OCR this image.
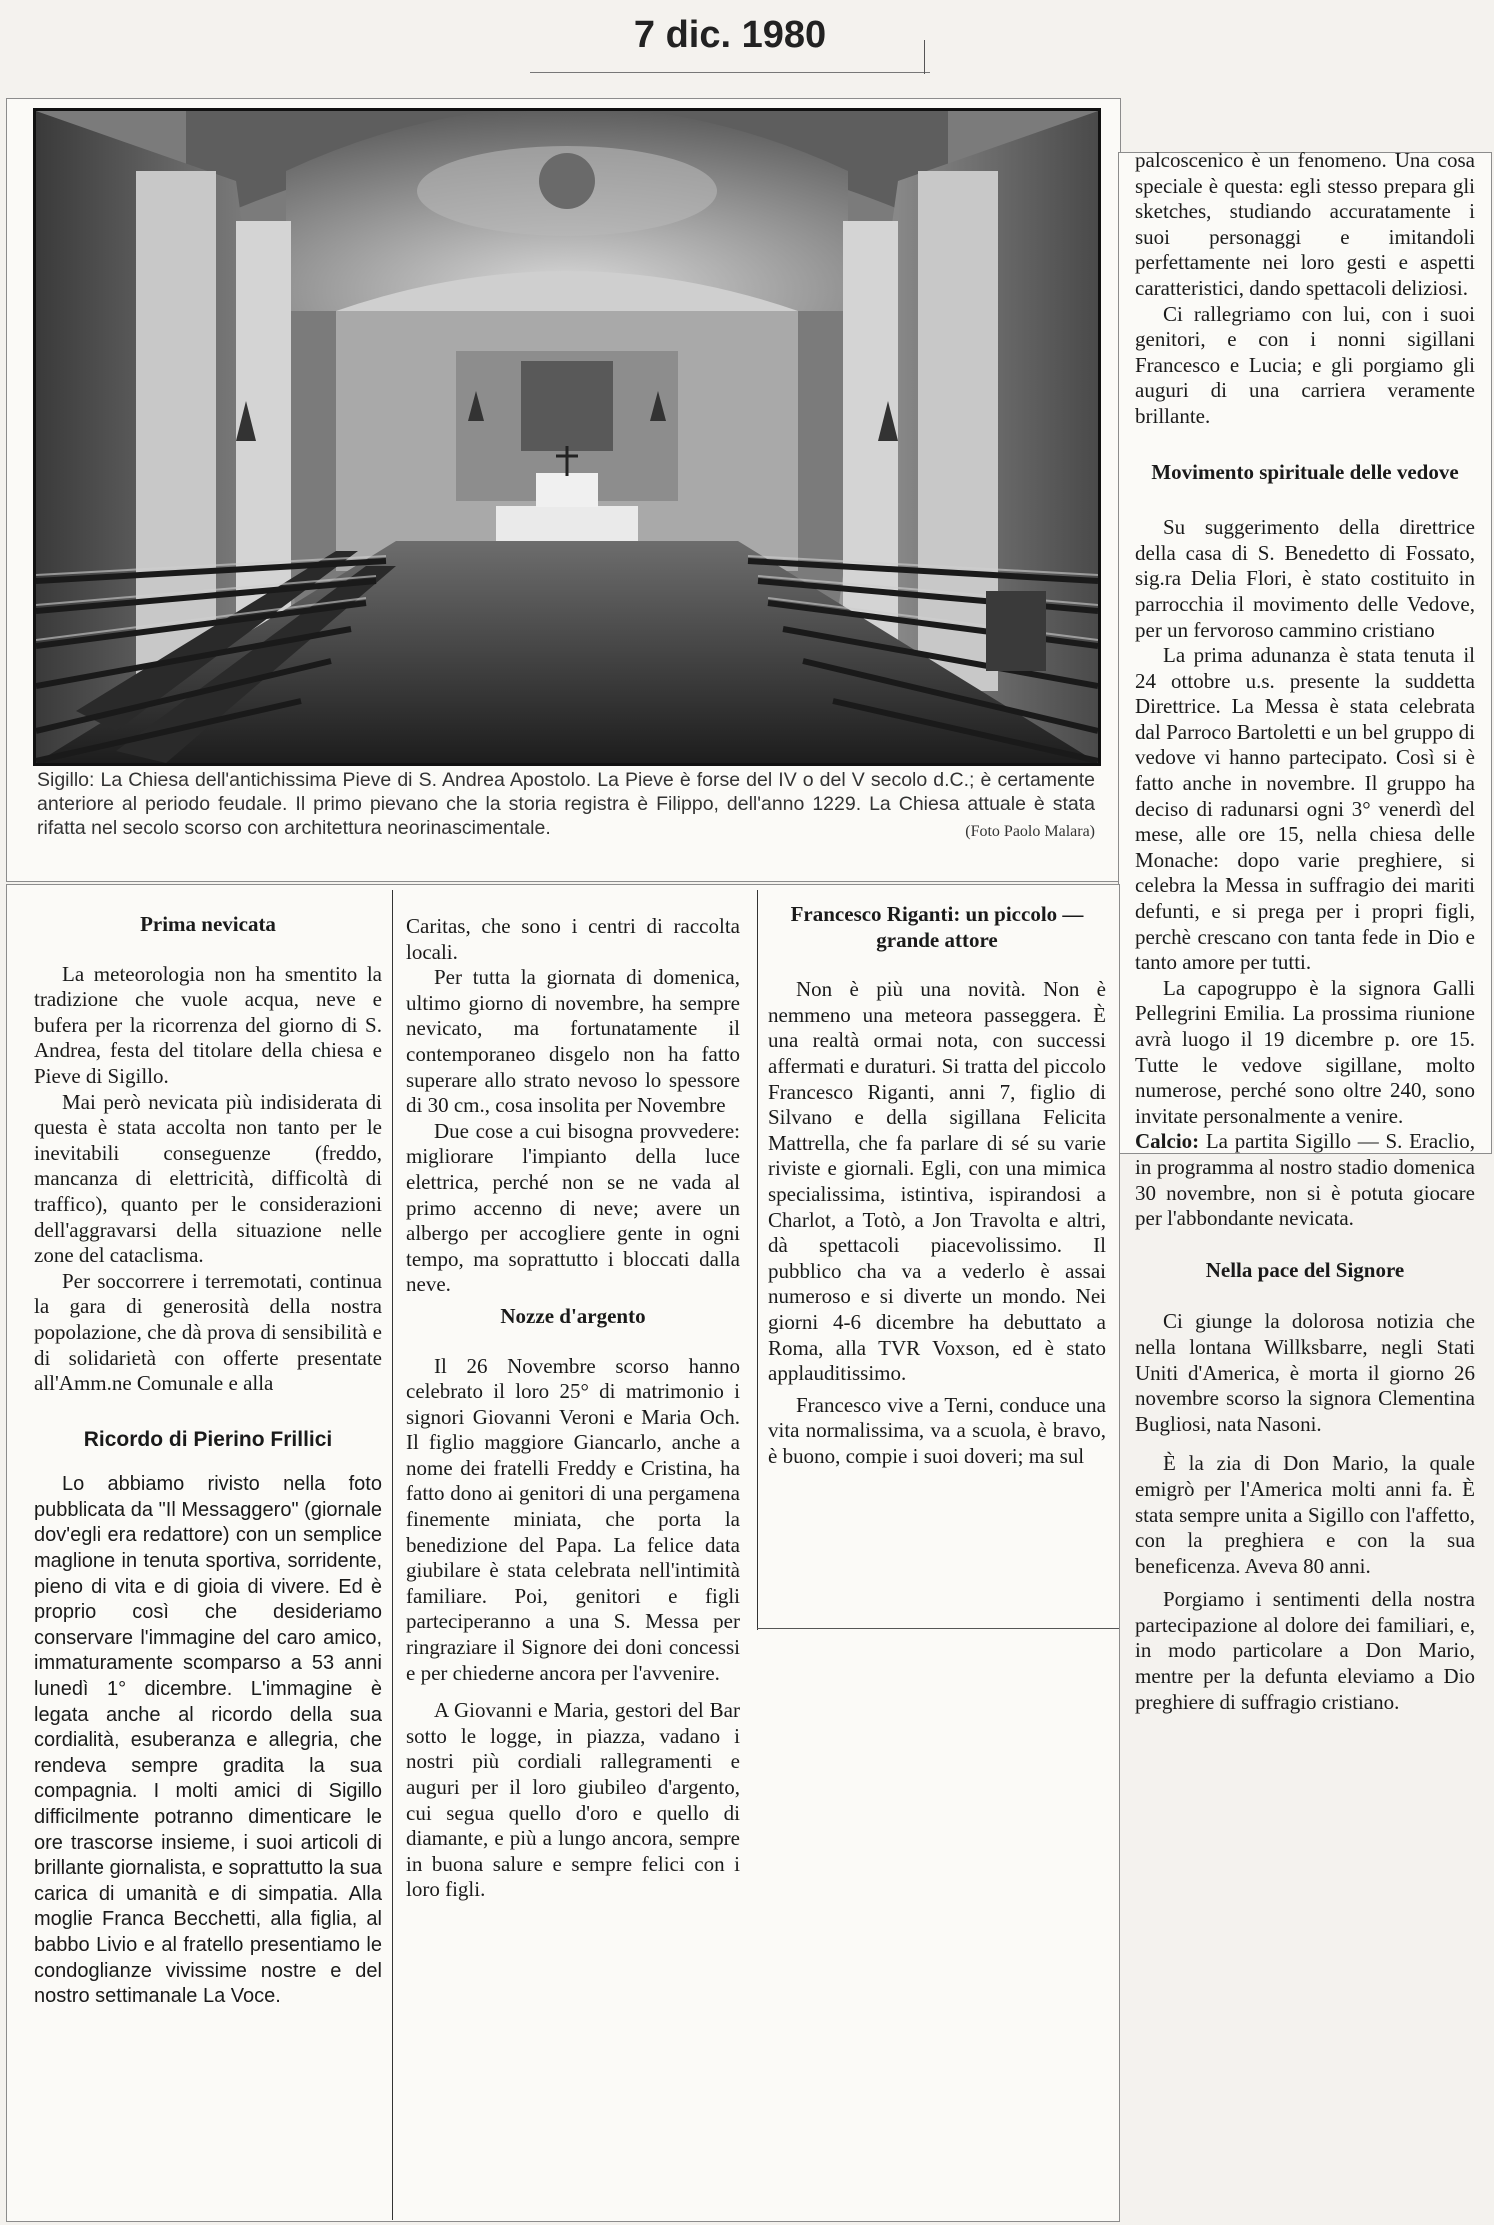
7 dic. 1980
Sigillo: La Chiesa dell'antichissima Pieve di S. Andrea Apostolo. La Pieve è forse del IV o del V secolo d.C.; è certamente anteriore al periodo feudale. Il primo pievano che la storia registra è Filippo, dell'anno 1229. La Chiesa attuale è stata rifatta nel secolo scorso con architettura neorinascimentale.	(Foto Paolo Malara)

palcoscenico è un fenomeno. Una cosa speciale è questa: egli stesso prepara gli sketches, studiando accuratamente i suoi personaggi e imitandoli perfettamente nei loro gesti e aspetti caratteristici, dando spettacoli deliziosi.

Ci rallegriamo con lui, con i suoi genitori, e con i nonni sigillani Francesco e Lucia; e gli porgiamo gli auguri di una carriera veramente brillante.

Movimento spirituale delle vedove

Su suggerimento della direttrice della casa di S. Benedetto di Fossato, sig.ra Delia Flori, è stato costituito in parrocchia il movimento delle Vedove, per un fervoroso cammino cristiano

La prima adunanza è stata tenuta il 24 ottobre u.s. presente la suddetta Direttrice. La Messa è stata celebrata dal Parroco Bartoletti e un bel gruppo di vedove vi hanno partecipato. Così si è fatto anche in novembre. Il gruppo ha deciso di radunarsi ogni 3° venerdì del mese, alle ore 15, nella chiesa delle Monache: dopo varie preghiere, si celebra la Messa in suffragio dei mariti defunti, e si prega per i propri figli, perchè crescano con tanta fede in Dio e tanto amore per tutti.

La capogruppo è la signora Galli Pellegrini Emilia. La prossima riunione avrà luogo il 19 dicembre p. ore 15. Tutte le vedove sigillane, molto numerose, perché sono oltre 240, sono invitate personalmente a venire.

Calcio: La partita Sigillo — S. Eraclio, in programma al nostro stadio domenica 30 novembre, non si è potuta giocare per l'abbondante nevicata.

Nella pace del Signore

Ci giunge la dolorosa notizia che nella lontana Willksbarre, negli Stati Uniti d'America, è morta il giorno 26 novembre scorso la signora Clementina Bugliosi, nata Nasoni.

È la zia di Don Mario, la quale emigrò per l'America molti anni fa. È stata sempre unita a Sigillo con l'affetto, con la preghiera e con la sua beneficenza. Aveva 80 anni.

Porgiamo i sentimenti della nostra partecipazione al dolore dei familiari, e, in modo particolare a Don Mario, mentre per la defunta eleviamo a Dio preghiere di suffragio cristiano.

Prima nevicata

La meteorologia non ha smentito la tradizione che vuole acqua, neve e bufera per la ricorrenza del giorno di S. Andrea, festa del titolare della chiesa e Pieve di Sigillo.

Mai però nevicata più indisiderata di questa è stata accolta non tanto per le inevitabili conseguenze (freddo, mancanza di elettricità, difficoltà di traffico), quanto per le considerazioni dell'aggravarsi della situazione nelle zone del cataclisma.

Per soccorrere i terremotati, continua la gara di generosità della nostra popolazione, che dà prova di sensibilità e di solidarietà con offerte presentate all'Amm.ne Comunale e alla

Ricordo di Pierino Frillici

Lo abbiamo rivisto nella foto pubblicata da "Il Messaggero" (giornale dov'egli era redattore) con un semplice maglione in tenuta sportiva, sorridente, pieno di vita e di gioia di vivere. Ed è proprio così che desideriamo conservare l'immagine del caro amico, immaturamente scomparso a 53 anni lunedì 1° dicembre. L'immagine è legata anche al ricordo della sua cordialità, esuberanza e allegria, che rendeva sempre gradita la sua compagnia. I molti amici di Sigillo difficilmente potranno dimenticare le ore trascorse insieme, i suoi articoli di brillante giornalista, e soprattutto la sua carica di umanità e di simpatia. Alla moglie Franca Becchetti, alla figlia, al babbo Livio e al fratello presentiamo le condoglianze vivissime nostre e del nostro settimanale La Voce.

Caritas, che sono i centri di raccolta locali.

Per tutta la giornata di domenica, ultimo giorno di novembre, ha sempre nevicato, ma fortunatamente il contemporaneo disgelo non ha fatto superare allo strato nevoso lo spessore di 30 cm., cosa insolita per Novembre

Due cose a cui bisogna provvedere: migliorare l'impianto della luce elettrica, perché non se ne vada al primo accenno di neve; avere un albergo per accogliere gente in ogni tempo, ma soprattutto i bloccati dalla neve.

Nozze d'argento

Il 26 Novembre scorso hanno celebrato il loro 25° di matrimonio i signori Giovanni Veroni e Maria Och. Il figlio maggiore Giancarlo, anche a nome dei fratelli Freddy e Cristina, ha fatto dono ai genitori di una pergamena finemente miniata, che porta la benedizione del Papa. La felice data giubilare è stata celebrata nell'intimità familiare. Poi, genitori e figli parteciperanno a una S. Messa per ringraziare il Signore dei doni concessi e per chiederne ancora per l'avvenire.

A Giovanni e Maria, gestori del Bar sotto le logge, in piazza, vadano i nostri più cordiali rallegramenti e auguri per il loro giubileo d'argento, cui segua quello d'oro e quello di diamante, e più a lungo ancora, sempre in buona salure e sempre felici con i loro figli.

Francesco Riganti: un piccolo — grande attore

Non è più una novità. Non è nemmeno una meteora passeggera. È una realtà ormai nota, con successi affermati e duraturi. Si tratta del piccolo Francesco Riganti, anni 7, figlio di Silvano e della sigillana Felicita Mattrella, che fa parlare di sé su varie riviste e giornali. Egli, con una mimica specialissima, istintiva, ispirandosi a Charlot, a Totò, a Jon Travolta e altri, dà spettacoli piacevolissimo. Il pubblico cha va a vederlo è assai numeroso e si diverte un mondo. Nei giorni 4-6 dicembre ha debuttato a Roma, alla TVR Voxson, ed è stato applauditissimo.

Francesco vive a Terni, conduce una vita normalissima, va a scuola, è bravo, è buono, compie i suoi doveri; ma sul
